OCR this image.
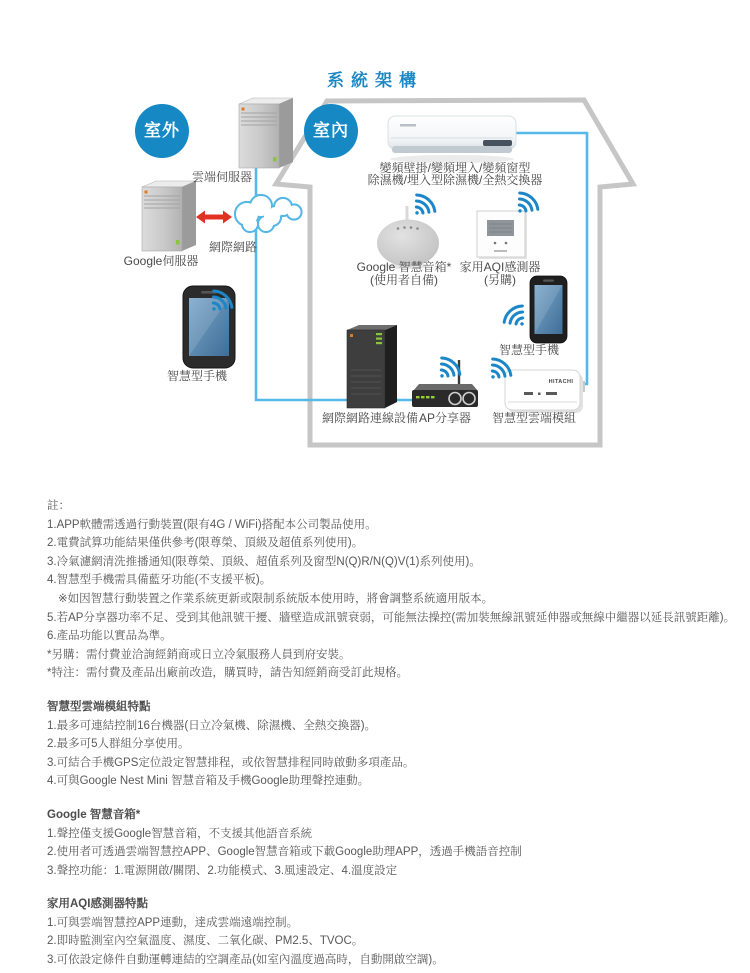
HITACHI
系統架構
室外	室內
雲端伺服器
Google伺服器
網際網路
智慧型手機
變頻壁掛/變頻埋入/變頻窗型
除濕機/埋入型除濕機/全熱交換器
Google 智慧音箱*
(使用者自備)
家用AQI感測器
(另購)
智慧型手機
網際網路連線設備 AP分享器 智慧型雲端模組
註：
1.APP軟體需透過行動裝置(限有4G / WiFi)搭配本公司製品使用。
2.電費試算功能結果僅供參考(限尊榮、頂級及超值系列使用)。
3.冷氣濾網清洗推播通知(限尊榮、頂級、超值系列及窗型N(Q)R/N(Q)V(1)系列使用)。
4.智慧型手機需具備藍牙功能(不支援平板)。
※如因智慧行動裝置之作業系統更新或限制系統版本使用時，將會調整系統適用版本。
5.若AP分享器功率不足、受到其他訊號干擾、牆壁造成訊號衰弱，可能無法操控(需加裝無線訊號延伸器或無線中繼器以延長訊號距離)。
6.產品功能以實品為準。
*另購：需付費並洽詢經銷商或日立冷氣服務人員到府安裝。
*特注：需付費及產品出廠前改造，購買時，請告知經銷商受訂此規格。
智慧型雲端模組特點
1.最多可連結控制16台機器(日立冷氣機、除濕機、全熱交換器)。
2.最多可5人群組分享使用。
3.可結合手機GPS定位設定智慧排程，或依智慧排程同時啟動多項產品。
4.可與Google Nest Mini 智慧音箱及手機Google助理聲控連動。
Google 智慧音箱*
1.聲控僅支援Google智慧音箱，不支援其他語音系統
2.使用者可透過雲端智慧控APP、Google智慧音箱或下載Google助理APP，透過手機語音控制
3.聲控功能：1.電源開啟/關閉、2.功能模式、3.風速設定、4.溫度設定
家用AQI感測器特點
1.可與雲端智慧控APP連動，達成雲端遠端控制。
2.即時監測室內空氣溫度、濕度、二氧化碳、PM2.5、TVOC。
3.可依設定條件自動運轉連結的空調產品(如室內溫度過高時，自動開啟空調)。
